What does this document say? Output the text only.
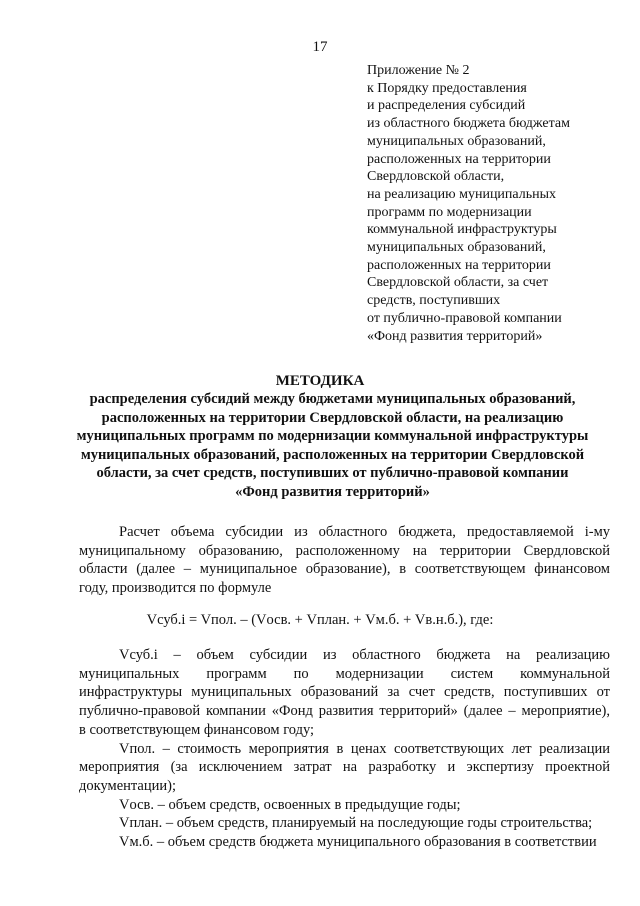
17
Приложение № 2
к Порядку предоставления
и распределения субсидий
из областного бюджета бюджетам
муниципальных образований,
расположенных на территории
Свердловской области,
на реализацию муниципальных
программ по модернизации
коммунальной инфраструктуры
муниципальных образований,
расположенных на территории
Свердловской области, за счет
средств, поступивших
от публично-правовой компании
«Фонд развития территорий»
МЕТОДИКА
распределения субсидий между бюджетами муниципальных образований,
расположенных на территории Свердловской области, на реализацию
муниципальных программ по модернизации коммунальной инфраструктуры
муниципальных образований, расположенных на территории Свердловской
области, за счет средств, поступивших от публично-правовой компании
«Фонд развития территорий»
Расчет объема субсидии из областного бюджета, предоставляемой i-му
муниципальному образованию, расположенному на территории Свердловской
области (далее – муниципальное образование), в соответствующем финансовом
году, производится по формуле
Vсуб.i = Vпол. – (Vосв. + Vплан. + Vм.б. + Vв.н.б.), где:
Vсуб.i – объем субсидии из областного бюджета на реализацию
муниципальных программ по модернизации систем коммунальной
инфраструктуры муниципальных образований за счет средств, поступивших от
публично-правовой компании «Фонд развития территорий» (далее – мероприятие),
в соответствующем финансовом году;
Vпол. – стоимость мероприятия в ценах соответствующих лет реализации
мероприятия (за исключением затрат на разработку и экспертизу проектной
документации);
Vосв. – объем средств, освоенных в предыдущие годы;
Vплан. – объем средств, планируемый на последующие годы строительства;
Vм.б. – объем средств бюджета муниципального образования в соответствии
